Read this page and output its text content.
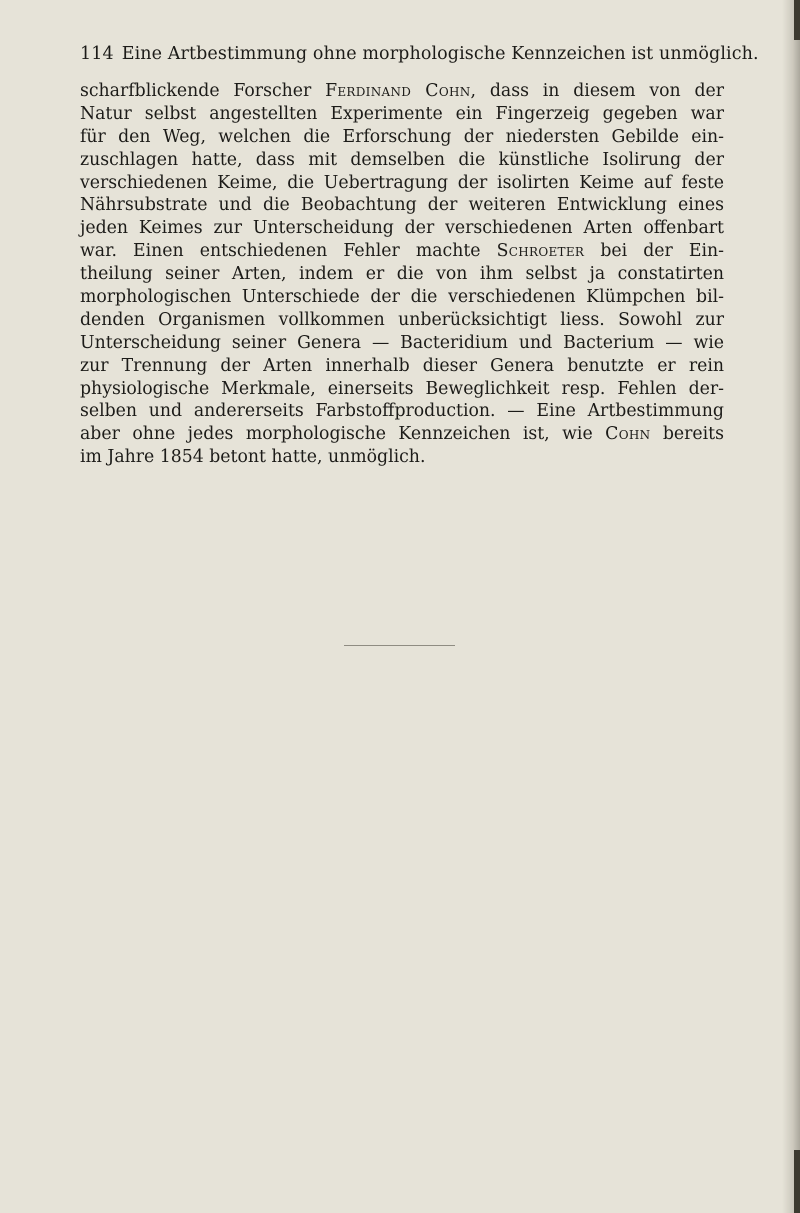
114 Eine Artbestimmung ohne morphologische Kennzeichen ist unmöglich.
scharfblickende Forscher Ferdinand Cohn, dass in diesem von der
Natur selbst angestellten Experimente ein Fingerzeig gegeben war
für den Weg, welchen die Erforschung der niedersten Gebilde ein-
zuschlagen hatte, dass mit demselben die künstliche Isolirung der
verschiedenen Keime, die Uebertragung der isolirten Keime auf feste
Nährsubstrate und die Beobachtung der weiteren Entwicklung eines
jeden Keimes zur Unterscheidung der verschiedenen Arten offenbart
war. Einen entschiedenen Fehler machte Schroeter bei der Ein-
theilung seiner Arten, indem er die von ihm selbst ja constatirten
morphologischen Unterschiede der die verschiedenen Klümpchen bil-
denden Organismen vollkommen unberücksichtigt liess. Sowohl zur
Unterscheidung seiner Genera — Bacteridium und Bacterium — wie
zur Trennung der Arten innerhalb dieser Genera benutzte er rein
physiologische Merkmale, einerseits Beweglichkeit resp. Fehlen der-
selben und andererseits Farbstoffproduction. — Eine Artbestimmung
aber ohne jedes morphologische Kennzeichen ist, wie Cohn bereits
im Jahre 1854 betont hatte, unmöglich.
